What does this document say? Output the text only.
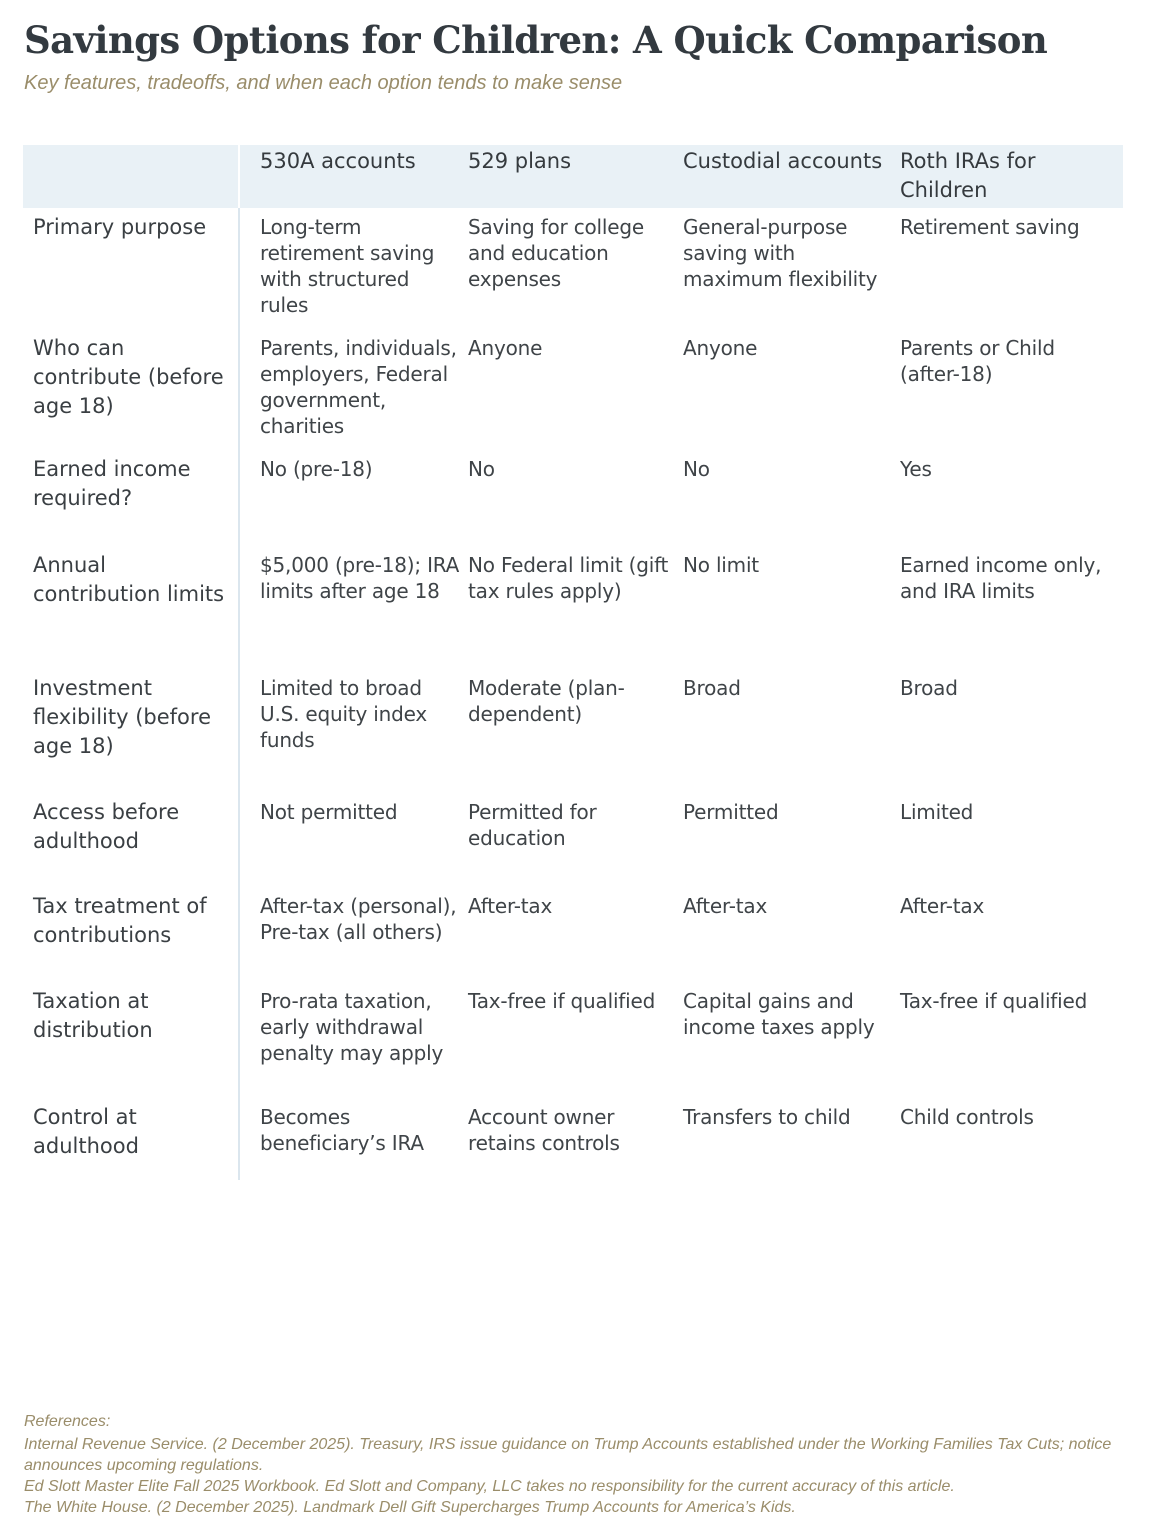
Savings Options for Children: A Quick Comparison

Key features, tradeoffs, and when each option tends to make sense

	530A accounts	529 plans	Custodial accounts	Roth IRAs for Children
Primary purpose	Long-term retirement saving with structured rules	Saving for college and education expenses	General-purpose saving with maximum flexibility	Retirement saving
Who can contribute (before age 18)	Parents, individuals, employers, Federal government, charities	Anyone	Anyone	Parents or Child (after-18)
Earned income required?	No (pre-18)	No	No	Yes
Annual contribution limits	$5,000 (pre-18); IRA limits after age 18	No Federal limit (gift tax rules apply)	No limit	Earned income only, and IRA limits
Investment flexibility (before age 18)	Limited to broad U.S. equity index funds	Moderate (plan-dependent)	Broad	Broad
Access before adulthood	Not permitted	Permitted for education	Permitted	Limited
Tax treatment of contributions	After-tax (personal), Pre-tax (all others)	After-tax	After-tax	After-tax
Taxation at distribution	Pro-rata taxation, early withdrawal penalty may apply	Tax-free if qualified	Capital gains and income taxes apply	Tax-free if qualified
Control at adulthood	Becomes beneficiary’s IRA	Account owner retains controls	Transfers to child	Child controls

References:

Internal Revenue Service. (2 December 2025). Treasury, IRS issue guidance on Trump Accounts established under the Working Families Tax Cuts; notice announces upcoming regulations.

Ed Slott Master Elite Fall 2025 Workbook. Ed Slott and Company, LLC takes no responsibility for the current accuracy of this article.

The White House. (2 December 2025). Landmark Dell Gift Supercharges Trump Accounts for America’s Kids.
